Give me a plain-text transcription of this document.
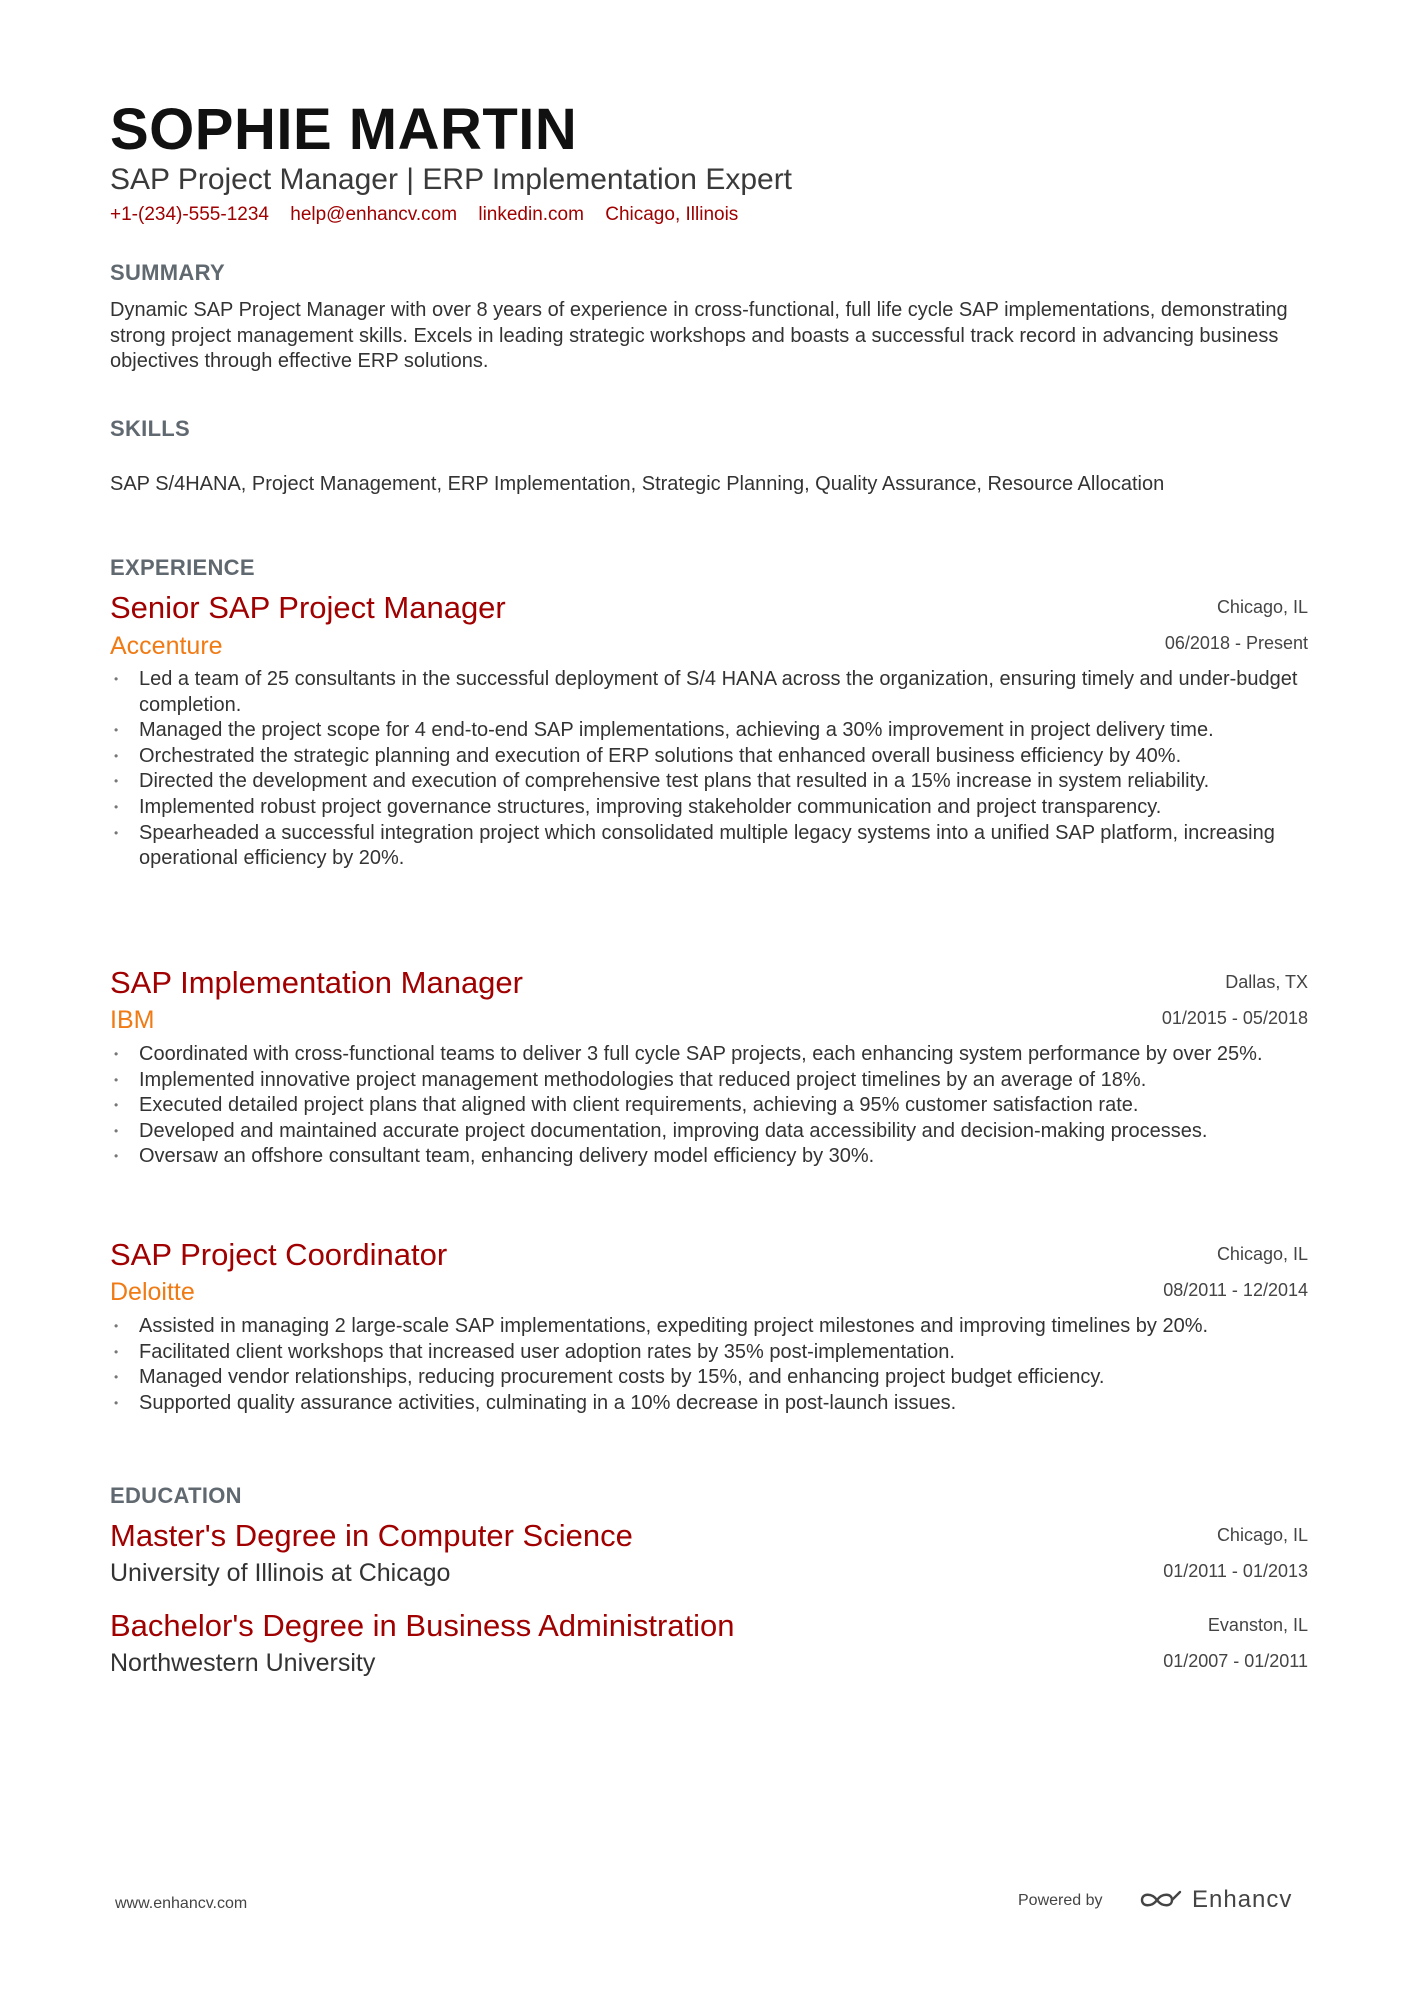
SOPHIE MARTIN
SAP Project Manager | ERP Implementation Expert
+1-(234)-555-1234 help@enhancv.com linkedin.com Chicago, Illinois
SUMMARY

Dynamic SAP Project Manager with over 8 years of experience in cross-functional, full life cycle SAP implementations, demonstrating strong project management skills. Excels in leading strategic workshops and boasts a successful track record in advancing business objectives through effective ERP solutions.

SKILLS

SAP S/4HANA, Project Management, ERP Implementation, Strategic Planning, Quality Assurance, Resource Allocation

EXPERIENCE
Senior SAP Project Manager	Chicago, IL
Accenture	06/2018 - Present
• Led a team of 25 consultants in the successful deployment of S/4 HANA across the organization, ensuring timely and under-budget completion.
• Managed the project scope for 4 end-to-end SAP implementations, achieving a 30% improvement in project delivery time.
• Orchestrated the strategic planning and execution of ERP solutions that enhanced overall business efficiency by 40%.
• Directed the development and execution of comprehensive test plans that resulted in a 15% increase in system reliability.
• Implemented robust project governance structures, improving stakeholder communication and project transparency.
• Spearheaded a successful integration project which consolidated multiple legacy systems into a unified SAP platform, increasing operational efficiency by 20%.
SAP Implementation Manager	Dallas, TX
IBM	01/2015 - 05/2018
• Coordinated with cross-functional teams to deliver 3 full cycle SAP projects, each enhancing system performance by over 25%.
• Implemented innovative project management methodologies that reduced project timelines by an average of 18%.
• Executed detailed project plans that aligned with client requirements, achieving a 95% customer satisfaction rate.
• Developed and maintained accurate project documentation, improving data accessibility and decision-making processes.
• Oversaw an offshore consultant team, enhancing delivery model efficiency by 30%.
SAP Project Coordinator	Chicago, IL
Deloitte	08/2011 - 12/2014
• Assisted in managing 2 large-scale SAP implementations, expediting project milestones and improving timelines by 20%.
• Facilitated client workshops that increased user adoption rates by 35% post-implementation.
• Managed vendor relationships, reducing procurement costs by 15%, and enhancing project budget efficiency.
• Supported quality assurance activities, culminating in a 10% decrease in post-launch issues.
EDUCATION
Master's Degree in Computer Science	Chicago, IL
University of Illinois at Chicago	01/2011 - 01/2013
Bachelor's Degree in Business Administration	Evanston, IL
Northwestern University	01/2007 - 01/2011
www.enhancv.com	Powered by	Enhancv
